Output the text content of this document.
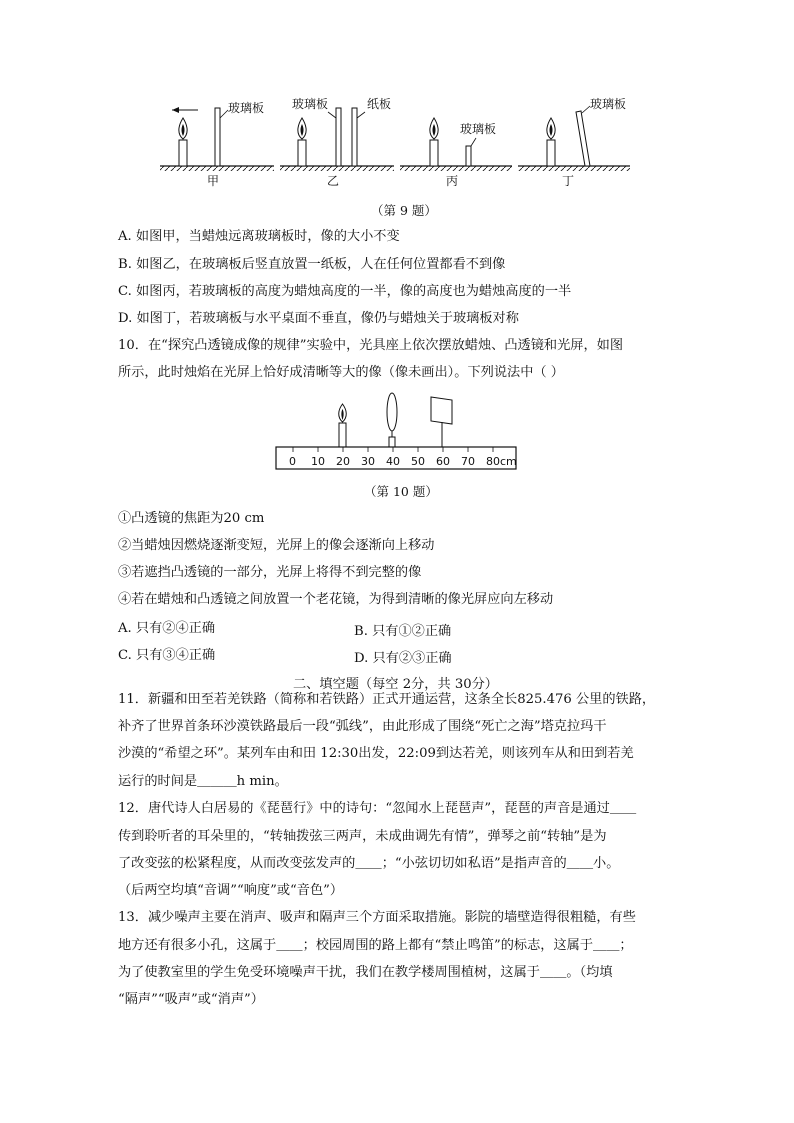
玻璃板
甲
玻璃板	纸板
乙
玻璃板
丙
玻璃板
丁
（第 9 题）
A. 如图甲，当蜡烛远离玻璃板时，像的大小不变
B. 如图乙，在玻璃板后竖直放置一纸板，人在任何位置都看不到像
C. 如图丙，若玻璃板的高度为蜡烛高度的一半，像的高度也为蜡烛高度的一半
D. 如图丁，若玻璃板与水平桌面不垂直，像仍与蜡烛关于玻璃板对称
10．在“探究凸透镜成像的规律”实验中，光具座上依次摆放蜡烛、凸透镜和光屏，如图
所示，此时烛焰在光屏上恰好成清晰等大的像（像未画出）。下列说法中（ ）
0 10 20 30 40 50 60 70 80cm
（第 10 题）
①凸透镜的焦距为20 cm
②当蜡烛因燃烧逐渐变短，光屏上的像会逐渐向上移动
③若遮挡凸透镜的一部分，光屏上将得不到完整的像
④若在蜡烛和凸透镜之间放置一个老花镜，为得到清晰的像光屏应向左移动
A. 只有②④正确	B. 只有①②正确
C. 只有③④正确	D. 只有②③正确
二、填空题（每空 2分，共 30分）
11．新疆和田至若羌铁路（简称和若铁路）正式开通运营，这条全长825.476 公里的铁路，
补齐了世界首条环沙漠铁路最后一段“弧线”，由此形成了围绕“死亡之海”塔克拉玛干
沙漠的“希望之环”。某列车由和田 12:30出发，22:09到达若羌，则该列车从和田到若羌
运行的时间是＿＿＿h min。
12．唐代诗人白居易的《琵琶行》中的诗句：“忽闻水上琵琶声”，琵琶的声音是通过＿＿
传到聆听者的耳朵里的，“转轴拨弦三两声，未成曲调先有情”，弹琴之前“转轴”是为
了改变弦的松紧程度，从而改变弦发声的＿＿；“小弦切切如私语”是指声音的＿＿小。
（后两空均填“音调”“响度”或“音色”）
13．减少噪声主要在消声、吸声和隔声三个方面采取措施。影院的墙壁造得很粗糙，有些
地方还有很多小孔，这属于＿＿；校园周围的路上都有“禁止鸣笛”的标志，这属于＿＿；
为了使教室里的学生免受环境噪声干扰，我们在教学楼周围植树，这属于＿＿。（均填
“隔声”“吸声”或“消声”）
